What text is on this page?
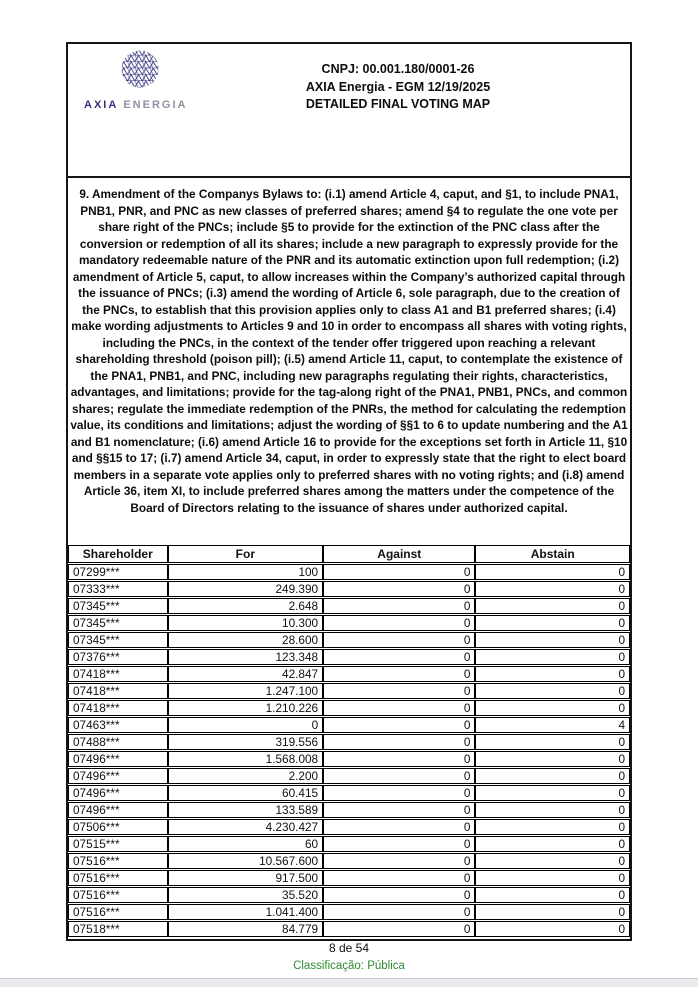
AXIA ENERGIA
CNPJ: 00.001.180/0001-26
AXIA Energia - EGM 12/19/2025
DETAILED FINAL VOTING MAP

9. Amendment of the Companys Bylaws to: (i.1) amend Article 4, caput, and §1, to include PNA1, PNB1, PNR, and PNC as new classes of preferred shares; amend §4 to regulate the one vote per share right of the PNCs; include §5 to provide for the extinction of the PNC class after the conversion or redemption of all its shares; include a new paragraph to expressly provide for the mandatory redeemable nature of the PNR and its automatic extinction upon full redemption; (i.2) amendment of Article 5, caput, to allow increases within the Company’s authorized capital through the issuance of PNCs; (i.3) amend the wording of Article 6, sole paragraph, due to the creation of the PNCs, to establish that this provision applies only to class A1 and B1 preferred shares; (i.4) make wording adjustments to Articles 9 and 10 in order to encompass all shares with voting rights, including the PNCs, in the context of the tender offer triggered upon reaching a relevant shareholding threshold (poison pill); (i.5) amend Article 11, caput, to contemplate the existence of the PNA1, PNB1, and PNC, including new paragraphs regulating their rights, characteristics, advantages, and limitations; provide for the tag-along right of the PNA1, PNB1, PNCs, and common shares; regulate the immediate redemption of the PNRs, the method for calculating the redemption value, its conditions and limitations; adjust the wording of §§1 to 6 to update numbering and the A1 and B1 nomenclature; (i.6) amend Article 16 to provide for the exceptions set forth in Article 11, §10 and §§15 to 17; (i.7) amend Article 34, caput, in order to expressly state that the right to elect board members in a separate vote applies only to preferred shares with no voting rights; and (i.8) amend Article 36, item XI, to include preferred shares among the matters under the competence of the Board of Directors relating to the issuance of shares under authorized capital.

Shareholder	For	Against	Abstain
07299***	100	0	0
07333***	249.390	0	0
07345***	2.648	0	0
07345***	10.300	0	0
07345***	28.600	0	0
07376***	123.348	0	0
07418***	42.847	0	0
07418***	1.247.100	0	0
07418***	1.210.226	0	0
07463***	0	0	4
07488***	319.556	0	0
07496***	1.568.008	0	0
07496***	2.200	0	0
07496***	60.415	0	0
07496***	133.589	0	0
07506***	4.230.427	0	0
07515***	60	0	0
07516***	10.567.600	0	0
07516***	917.500	0	0
07516***	35.520	0	0
07516***	1.041.400	0	0
07518***	84.779	0	0
8 de 54
Classificação: Pública
